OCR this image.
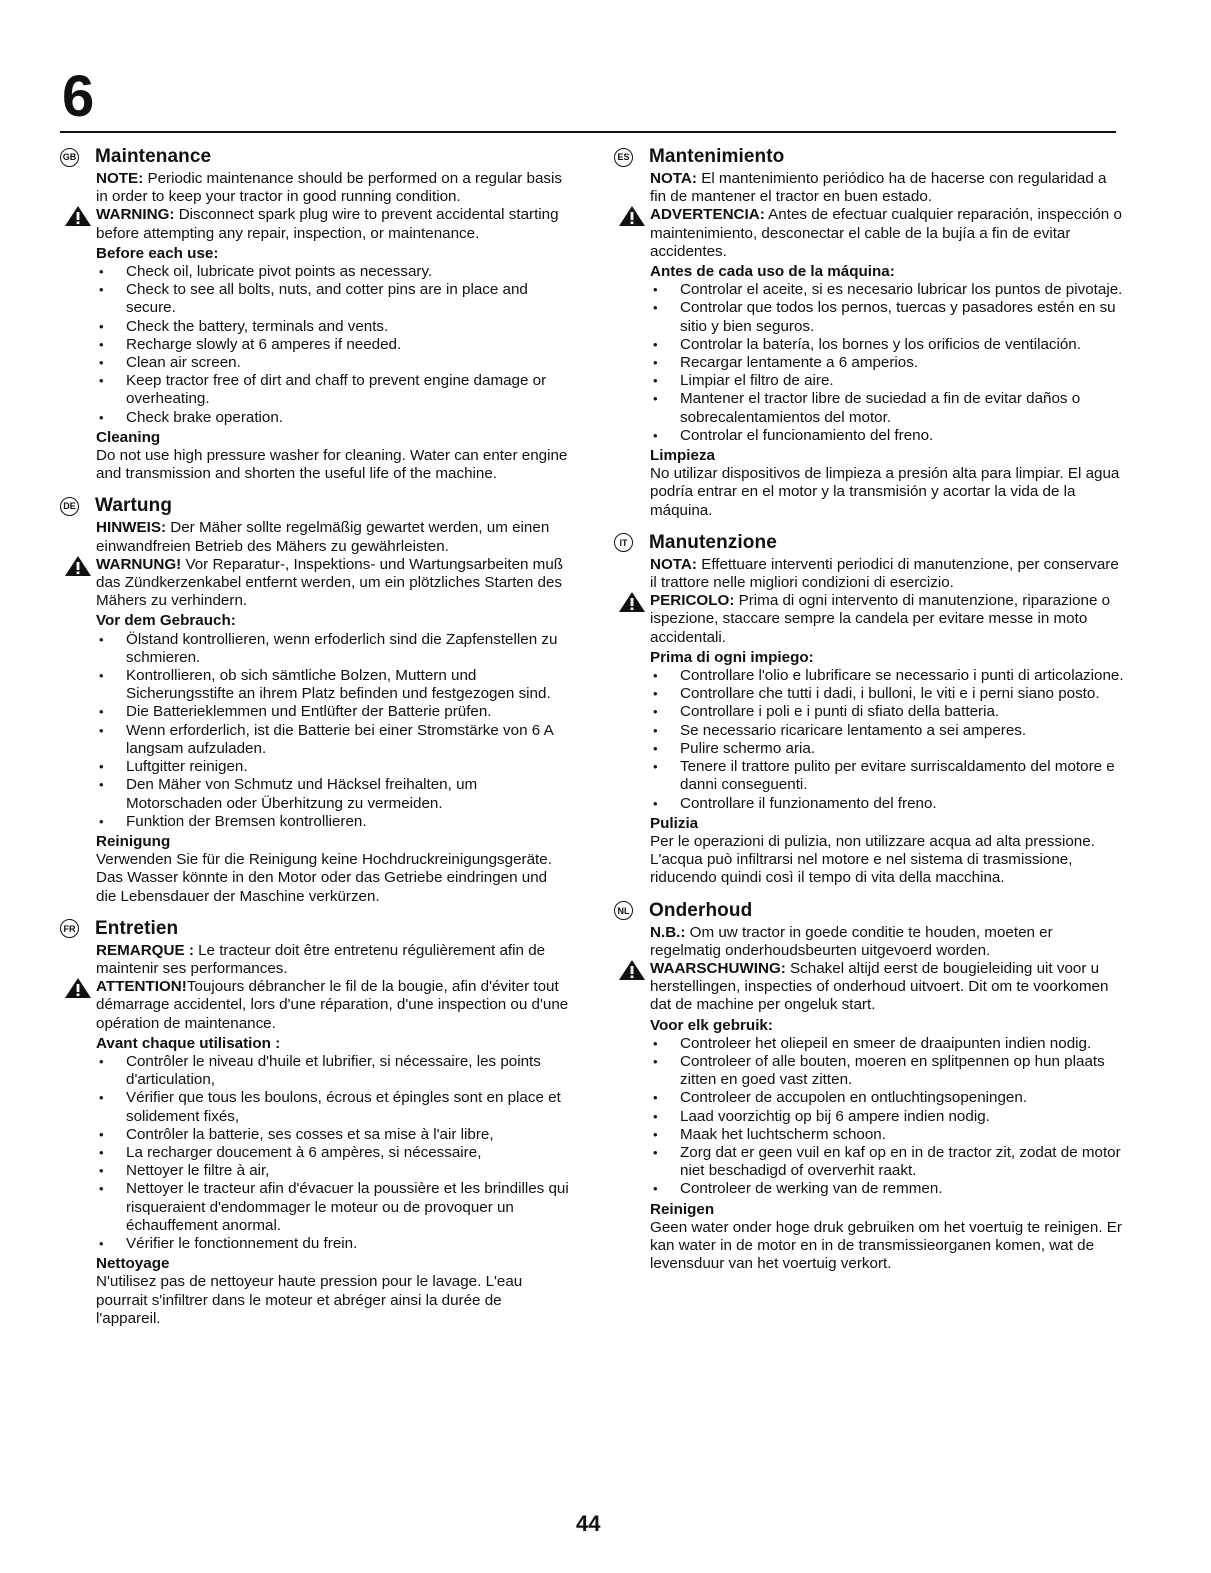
6
GB Maintenance

NOTE: Periodic maintenance should be performed on a regular basis in order to keep your tractor in good running condition.

WARNING: Disconnect spark plug wire to prevent accidental starting before attempting any repair, inspection, or maintenance.

Before each use:
• Check oil, lubricate pivot points as necessary.
• Check to see all bolts, nuts, and cotter pins are in place and secure.
• Check the battery, terminals and vents.
• Recharge slowly at 6 amperes if needed.
• Clean air screen.
• Keep tractor free of dirt and chaff to prevent engine damage or overheating.
• Check brake operation.
Cleaning

Do not use high pressure washer for cleaning. Water can enter engine and transmission and shorten the useful life of the machine.

DE Wartung

HINWEIS: Der Mäher sollte regelmäßig gewartet werden, um einen einwandfreien Betrieb des Mähers zu gewährleisten.

WARNUNG! Vor Reparatur-, Inspektions- und Wartungsarbeiten muß das Zündkerzenkabel entfernt werden, um ein plötzliches Starten des Mähers zu verhindern.

Vor dem Gebrauch:
• Ölstand kontrollieren, wenn erfoderlich sind die Zapfenstellen zu schmieren.
• Kontrollieren, ob sich sämtliche Bolzen, Muttern und Sicherungsstifte an ihrem Platz befinden und festgezogen sind.
• Die Batterieklemmen und Entlüfter der Batterie prüfen.
• Wenn erforderlich, ist die Batterie bei einer Stromstärke von 6 A langsam aufzuladen.
• Luftgitter reinigen.
• Den Mäher von Schmutz und Häcksel freihalten, um Motorschaden oder Überhitzung zu vermeiden.
• Funktion der Bremsen kontrollieren.
Reinigung

Verwenden Sie für die Reinigung keine Hochdruckreinigungsgeräte. Das Wasser könnte in den Motor oder das Getriebe eindringen und die Lebensdauer der Maschine verkürzen.

FR Entretien

REMARQUE : Le tracteur doit être entretenu régulièrement afin de maintenir ses performances.

ATTENTION!Toujours débrancher le fil de la bougie, afin d'éviter tout démarrage accidentel, lors d'une réparation, d'une inspection ou d'une opération de maintenance.

Avant chaque utilisation :
• Contrôler le niveau d'huile et lubrifier, si nécessaire, les points d'articulation,
• Vérifier que tous les boulons, écrous et épingles sont en place et solidement fixés,
• Contrôler la batterie, ses cosses et sa mise à l'air libre,
• La recharger doucement à 6 ampères, si nécessaire,
• Nettoyer le filtre à air,
• Nettoyer le tracteur afin d'évacuer la poussière et les brindilles qui risqueraient d'endommager le moteur ou de provoquer un échauffement anormal.
• Vérifier le fonctionnement du frein.
Nettoyage

N'utilisez pas de nettoyeur haute pression pour le lavage. L'eau pourrait s'infiltrer dans le moteur et abréger ainsi la durée de l'appareil.

ES Mantenimiento

NOTA: El mantenimiento periódico ha de hacerse con regularidad a fin de mantener el tractor en buen estado.

ADVERTENCIA: Antes de efectuar cualquier reparación, inspección o maintenimiento, desconectar el cable de la bujía a fin de evitar accidentes.

Antes de cada uso de la máquina:
• Controlar el aceite, si es necesario lubricar los puntos de pivotaje.
• Controlar que todos los pernos, tuercas y pasadores estén en su sitio y bien seguros.
• Controlar la batería, los bornes y los orificios de ventilación.
• Recargar lentamente a 6 amperios.
• Limpiar el filtro de aire.
• Mantener el tractor libre de suciedad a fin de evitar daños o sobrecalentamientos del motor.
• Controlar el funcionamiento del freno.
Limpieza

No utilizar dispositivos de limpieza a presión alta para limpiar. El agua podría entrar en el motor y la transmisión y acortar la vida de la máquina.

IT Manutenzione

NOTA: Effettuare interventi periodici di manutenzione, per conservare il trattore nelle migliori condizioni di esercizio.

PERICOLO: Prima di ogni intervento di manutenzione, riparazione o ispezione, staccare sempre la candela per evitare messe in moto accidentali.

Prima di ogni impiego:
• Controllare l'olio e lubrificare se necessario i punti di articolazione.
• Controllare che tutti i dadi, i bulloni, le viti e i perni siano posto.
• Controllare i poli e i punti di sfiato della batteria.
• Se necessario ricaricare lentamento a sei amperes.
• Pulire schermo aria.
• Tenere il trattore pulito per evitare surriscaldamento del motore e danni conseguenti.
• Controllare il funzionamento del freno.
Pulizia

Per le operazioni di pulizia, non utilizzare acqua ad alta pressione. L'acqua può infiltrarsi nel motore e nel sistema di trasmissione, riducendo quindi così il tempo di vita della macchina.

NL Onderhoud

N.B.: Om uw tractor in goede conditie te houden, moeten er regelmatig onderhoudsbeurten uitgevoerd worden.

WAARSCHUWING: Schakel altijd eerst de bougieleiding uit voor u herstellingen, inspecties of onderhoud uitvoert. Dit om te voorkomen dat de machine per ongeluk start.

Voor elk gebruik:
• Controleer het oliepeil en smeer de draaipunten indien nodig.
• Controleer of alle bouten, moeren en splitpennen op hun plaats zitten en goed vast zitten.
• Controleer de accupolen en ontluchtingsopeningen.
• Laad voorzichtig op bij 6 ampere indien nodig.
• Maak het luchtscherm schoon.
• Zorg dat er geen vuil en kaf op en in de tractor zit, zodat de motor niet beschadigd of oververhit raakt.
• Controleer de werking van de remmen.
Reinigen

Geen water onder hoge druk gebruiken om het voertuig te reinigen. Er kan water in de motor en in de transmissieorganen komen, wat de levensduur van het voertuig verkort.

44
